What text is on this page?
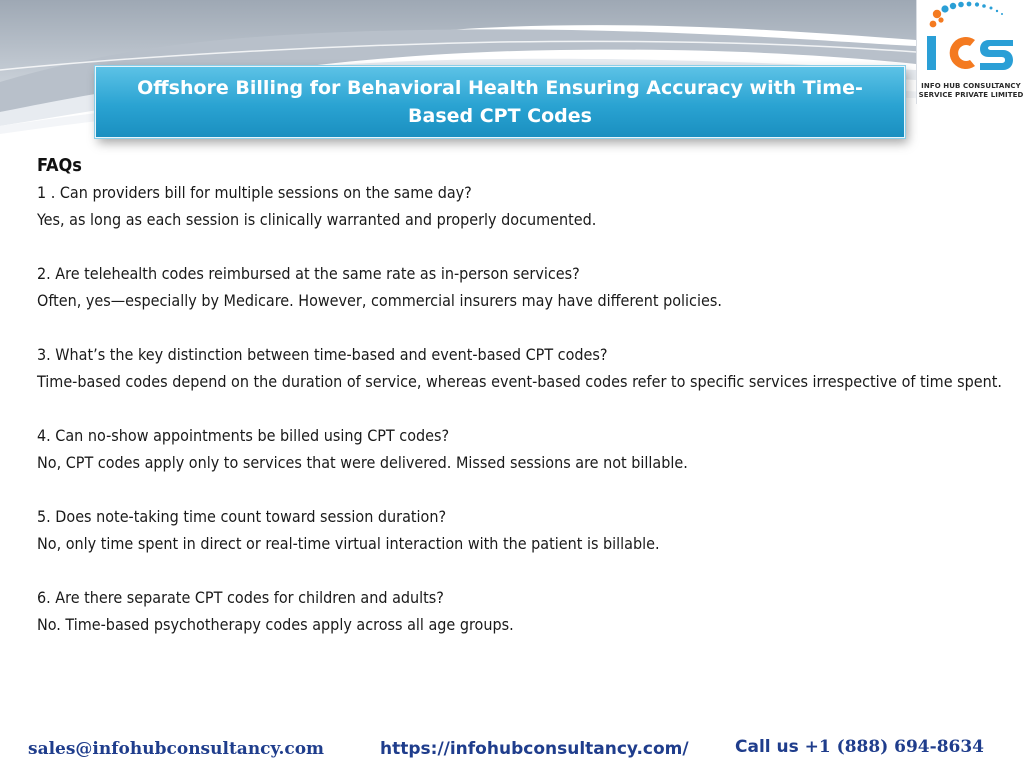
Offshore Billing for Behavioral Health Ensuring Accuracy with Time-Based CPT Codes
INFO HUB CONSULTANCY
SERVICE PRIVATE LIMITED
FAQs
1 . Can providers bill for multiple sessions on the same day?
Yes, as long as each session is clinically warranted and properly documented.
2. Are telehealth codes reimbursed at the same rate as in-person services?
Often, yes—especially by Medicare. However, commercial insurers may have different policies.
3. What’s the key distinction between time-based and event-based CPT codes?
Time-based codes depend on the duration of service, whereas event-based codes refer to specific services irrespective of time spent.
4. Can no-show appointments be billed using CPT codes?
No, CPT codes apply only to services that were delivered. Missed sessions are not billable.
5. Does note-taking time count toward session duration?
No, only time spent in direct or real-time virtual interaction with the patient is billable.
6. Are there separate CPT codes for children and adults?
No. Time-based psychotherapy codes apply across all age groups.
sales@infohubconsultancy.com	https://infohubconsultancy.com/	Call us +1 (888) 694-8634
